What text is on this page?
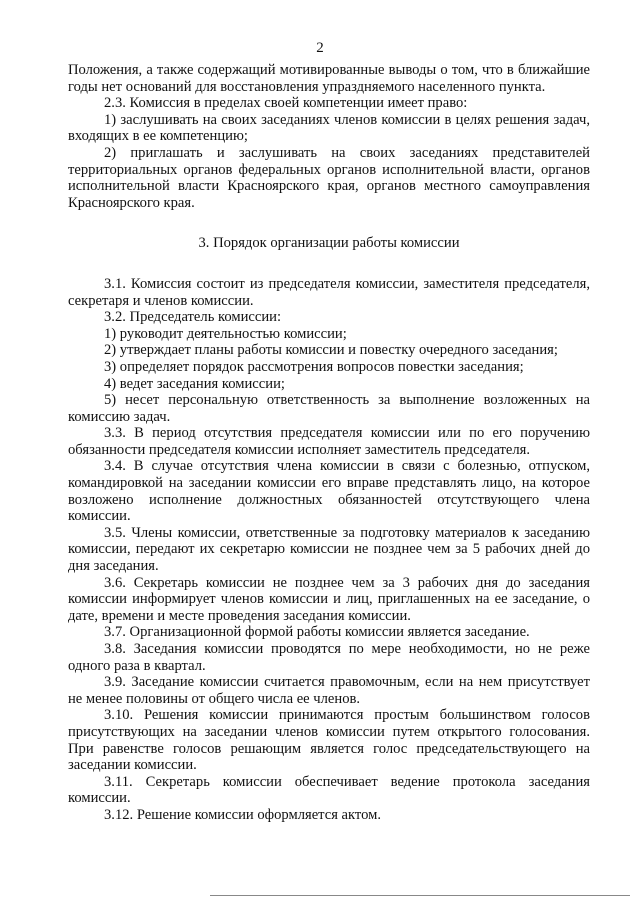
2

Положения, а также содержащий мотивированные выводы о том, что в ближайшие годы нет оснований для восстановления упраздняемого населенного пункта.

2.3. Комиссия в пределах своей компетенции имеет право:

1) заслушивать на своих заседаниях членов комиссии в целях решения задач, входящих в ее компетенцию;

2) приглашать и заслушивать на своих заседаниях представителей территориальных органов федеральных органов исполнительной власти, органов исполнительной власти Красноярского края, органов местного самоуправления Красноярского края.

3. Порядок организации работы комиссии

3.1. Комиссия состоит из председателя комиссии, заместителя председателя, секретаря и членов комиссии.

3.2. Председатель комиссии:

1) руководит деятельностью комиссии;

2) утверждает планы работы комиссии и повестку очередного заседания;

3) определяет порядок рассмотрения вопросов повестки заседания;

4) ведет заседания комиссии;

5) несет персональную ответственность за выполнение возложенных на комиссию задач.

3.3. В период отсутствия председателя комиссии или по его поручению обязанности председателя комиссии исполняет заместитель председателя.

3.4. В случае отсутствия члена комиссии в связи с болезнью, отпуском, командировкой на заседании комиссии его вправе представлять лицо, на которое возложено исполнение должностных обязанностей отсутствующего члена комиссии.

3.5. Члены комиссии, ответственные за подготовку материалов к заседанию комиссии, передают их секретарю комиссии не позднее чем за 5 рабочих дней до дня заседания.

3.6. Секретарь комиссии не позднее чем за 3 рабочих дня до заседания комиссии информирует членов комиссии и лиц, приглашенных на ее заседание, о дате, времени и месте проведения заседания комиссии.

3.7. Организационной формой работы комиссии является заседание.

3.8. Заседания комиссии проводятся по мере необходимости, но не реже одного раза в квартал.

3.9. Заседание комиссии считается правомочным, если на нем присутствует не менее половины от общего числа ее членов.

3.10. Решения комиссии принимаются простым большинством голосов присутствующих на заседании членов комиссии путем открытого голосования. При равенстве голосов решающим является голос председательствующего на заседании комиссии.

3.11. Секретарь комиссии обеспечивает ведение протокола заседания комиссии.

3.12. Решение комиссии оформляется актом.
